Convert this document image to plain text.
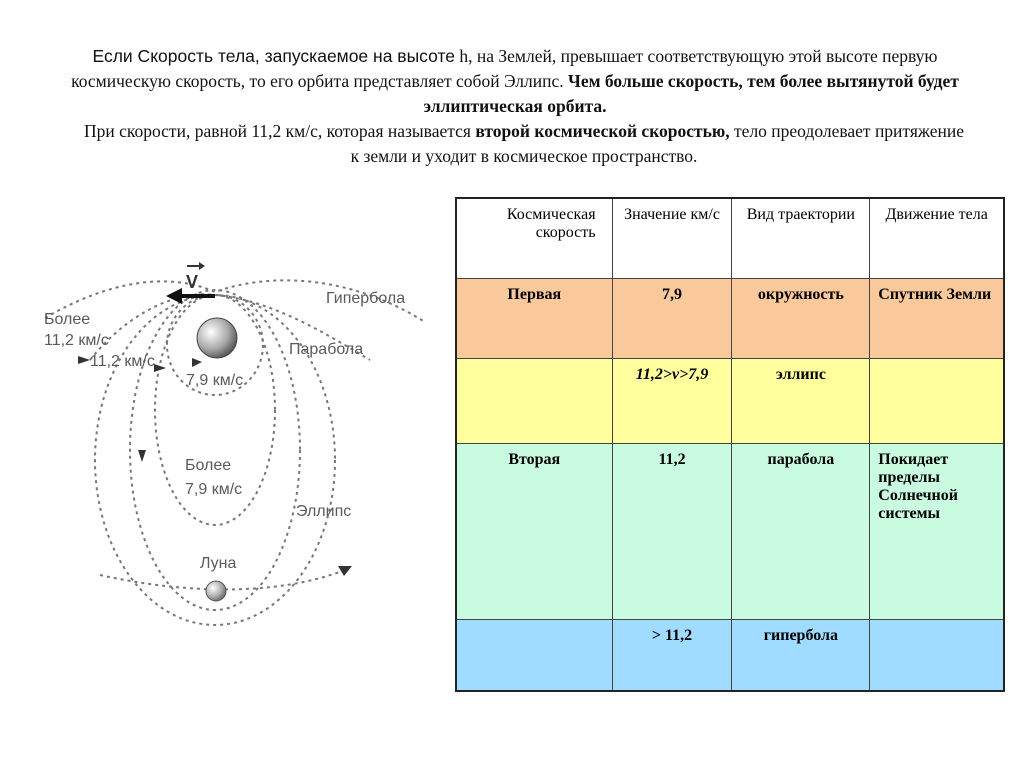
Если Скорость тела, запускаемое на высоте h, на Землей, превышает соответствующую этой высоте первую космическую скорость, то его орбита представляет собой Эллипс. Чем больше скорость, тем более вытянутой будет эллиптическая орбита.

При скорости, равной 11,2 км/с, которая называется второй космической скоростью, тело преодолевает притяжение к земли и уходит в космическое пространство.

V
Гипербола
Более
11,2 км/с
11,2 км/с
Парабола
7,9 км/с
Более
7,9 км/с
Эллипс
Луна
Космическая скорость	Значение км/с	Вид траектории	Движение тела
Первая	7,9	окружность	Спутник Земли
	11,2>v>7,9	эллипс	
Вторая	11,2	парабола	Покидает пределы Солнечной системы
	> 11,2	гипербола	
